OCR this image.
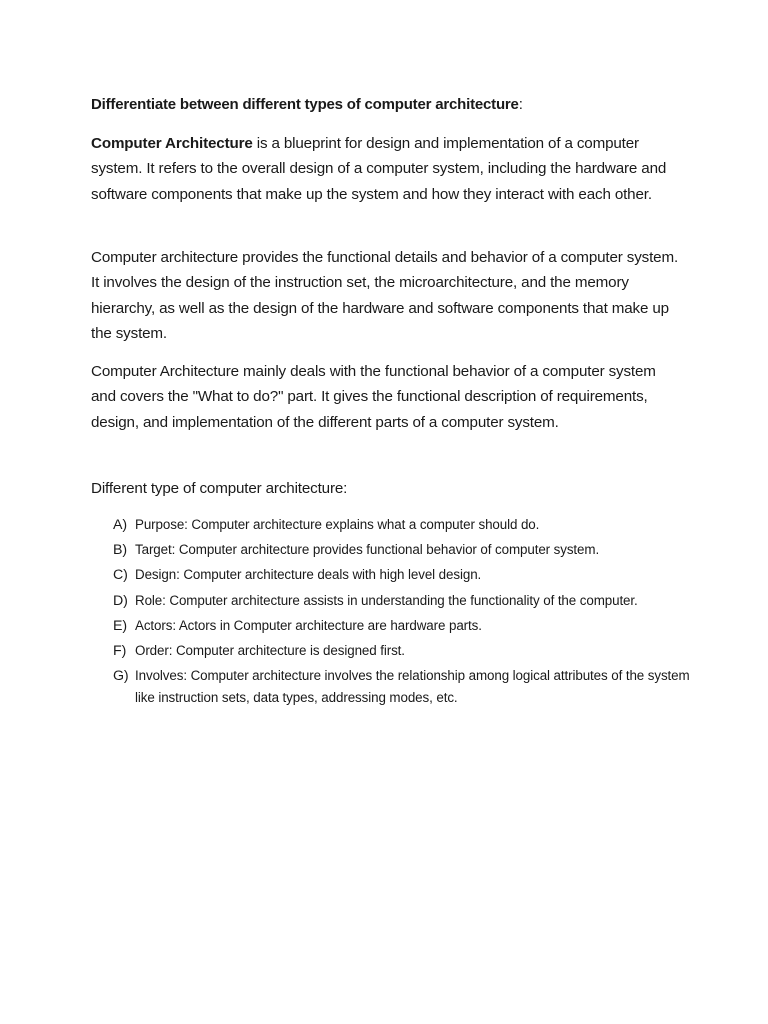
Differentiate between different types of computer architecture:

Computer Architecture is a blueprint for design and implementation of a computer system. It refers to the overall design of a computer system, including the hardware and software components that make up the system and how they interact with each other.

Computer architecture provides the functional details and behavior of a computer system. It involves the design of the instruction set, the microarchitecture, and the memory hierarchy, as well as the design of the hardware and software components that make up the system.

Computer Architecture mainly deals with the functional behavior of a computer system and covers the "What to do?" part. It gives the functional description of requirements, design, and implementation of the different parts of a computer system.

Different type of computer architecture:

A) Purpose: Computer architecture explains what a computer should do.
B) Target: Computer architecture provides functional behavior of computer system.
C) Design: Computer architecture deals with high level design.
D) Role: Computer architecture assists in understanding the functionality of the computer.
E) Actors: Actors in Computer architecture are hardware parts.
F) Order: Computer architecture is designed first.
G) Involves: Computer architecture involves the relationship among logical attributes of the system like instruction sets, data types, addressing modes, etc.
